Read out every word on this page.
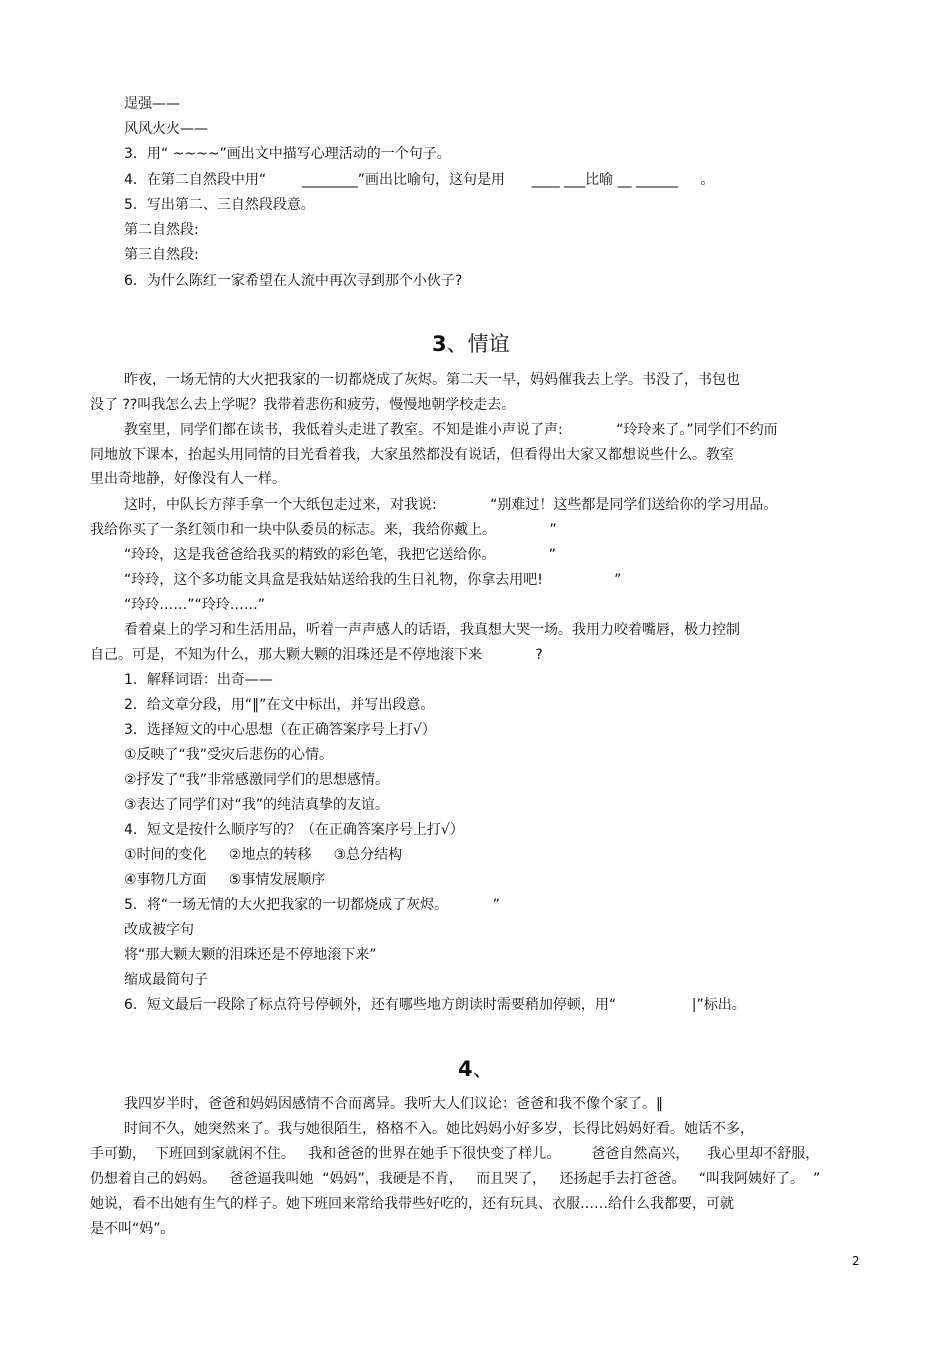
逞强——
风风火火——
3．用“ ~~~~”画出文中描写心理活动的一个句子。
4．在第二自然段中用“        ________”画出比喻句，这句是用      ____ ___比喻 __ ______     。
5．写出第二、三自然段段意。
第二自然段:
第三自然段:
6．为什么陈红一家希望在人流中再次寻到那个小伙子?
3、情谊
昨夜，一场无情的大火把我家的一切都烧成了灰烬。第二天一早，妈妈催我去上学。书没了，书包也
没了 ??叫我怎么去上学呢？我带着悲伤和疲劳，慢慢地朝学校走去。
教室里，同学们都在读书，我低着头走进了教室。不知是谁小声说了声:            “玲玲来了。”同学们不约而
同地放下课本，抬起头用同情的目光看着我，大家虽然都没有说话，但看得出大家又都想说些什么。教室
里出奇地静，好像没有人一样。
这时，中队长方萍手拿一个大纸包走过来，对我说:            “别难过！这些都是同学们送给你的学习用品。
我给你买了一条红领巾和一块中队委员的标志。来，我给你戴上。            ”
“玲玲，这是我爸爸给我买的精致的彩色笔，我把它送给你。            ”
“玲玲，这个多功能文具盒是我姑姑送给我的生日礼物，你拿去用吧!                ”
“玲玲……”“玲玲……”
看着桌上的学习和生活用品，听着一声声感人的话语，我真想大哭一场。我用力咬着嘴唇，极力控制
自己。可是，不知为什么，那大颗大颗的泪珠还是不停地滚下来            ?
1．解释词语：出奇——
2．给文章分段，用“‖”在文中标出，并写出段意。
3．选择短文的中心思想（在正确答案序号上打√）
①反映了“我”受灾后悲伤的心情。
②抒发了“我”非常感激同学们的思想感情。
③表达了同学们对“我”的纯洁真挚的友谊。
4．短文是按什么顺序写的？（在正确答案序号上打√）
①时间的变化     ②地点的转移     ③总分结构
④事物几方面     ⑤事情发展顺序
5．将“一场无情的大火把我家的一切都烧成了灰烬。          ”
改成被字句
将“那大颗大颗的泪珠还是不停地滚下来”
缩成最简句子
6．短文最后一段除了标点符号停顿外，还有哪些地方朗读时需要稍加停顿，用“                 |”标出。
4、
我四岁半时，爸爸和妈妈因感情不合而离异。我听大人们议论：爸爸和我不像个家了。‖
时间不久，她突然来了。我与她很陌生，格格不入。她比妈妈小好多岁，长得比妈妈好看。她话不多，
手可勤，  下班回到家就闲不住。   我和爸爸的世界在她手下很快变了样儿。       爸爸自然高兴，    我心里却不舒服，
仍想着自己的妈妈。   爸爸逼我叫她  “妈妈”，我硬是不肯，   而且哭了，   还扬起手去打爸爸。   “叫我阿姨好了。  ”
她说，看不出她有生气的样子。她下班回来常给我带些好吃的，还有玩具、衣服……给什么我都要，可就
是不叫“妈”。
2
